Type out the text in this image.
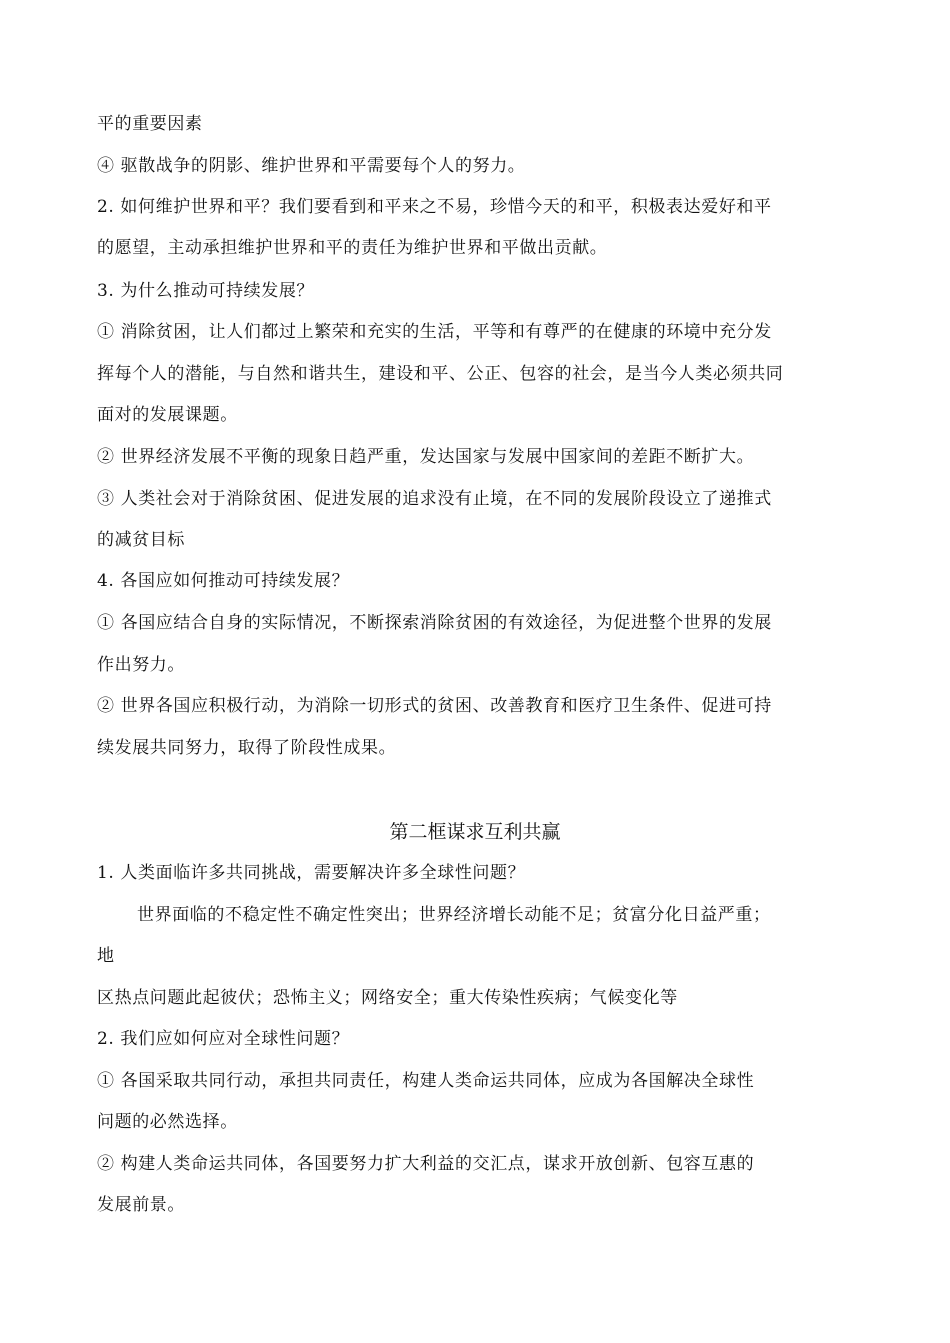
平的重要因素
④ 驱散战争的阴影、维护世界和平需要每个人的努力。
2. 如何维护世界和平？我们要看到和平来之不易，珍惜今天的和平，积极表达爱好和平
的愿望，主动承担维护世界和平的责任为维护世界和平做出贡献。
3. 为什么推动可持续发展？
① 消除贫困，让人们都过上繁荣和充实的生活，平等和有尊严的在健康的环境中充分发
挥每个人的潜能，与自然和谐共生，建设和平、公正、包容的社会，是当今人类必须共同
面对的发展课题。
② 世界经济发展不平衡的现象日趋严重，发达国家与发展中国家间的差距不断扩大。
③ 人类社会对于消除贫困、促进发展的追求没有止境，在不同的发展阶段设立了递推式
的减贫目标
4. 各国应如何推动可持续发展？
① 各国应结合自身的实际情况，不断探索消除贫困的有效途径，为促进整个世界的发展
作出努力。
② 世界各国应积极行动，为消除一切形式的贫困、改善教育和医疗卫生条件、促进可持
续发展共同努力，取得了阶段性成果。
第二框谋求互利共赢
1. 人类面临许多共同挑战，需要解决许多全球性问题？
世界面临的不稳定性不确定性突出；世界经济增长动能不足；贫富分化日益严重；
地
区热点问题此起彼伏；恐怖主义；网络安全；重大传染性疾病；气候变化等
2. 我们应如何应对全球性问题？
① 各国采取共同行动，承担共同责任，构建人类命运共同体，应成为各国解决全球性
问题的必然选择。
② 构建人类命运共同体，各国要努力扩大利益的交汇点，谋求开放创新、包容互惠的
发展前景。
